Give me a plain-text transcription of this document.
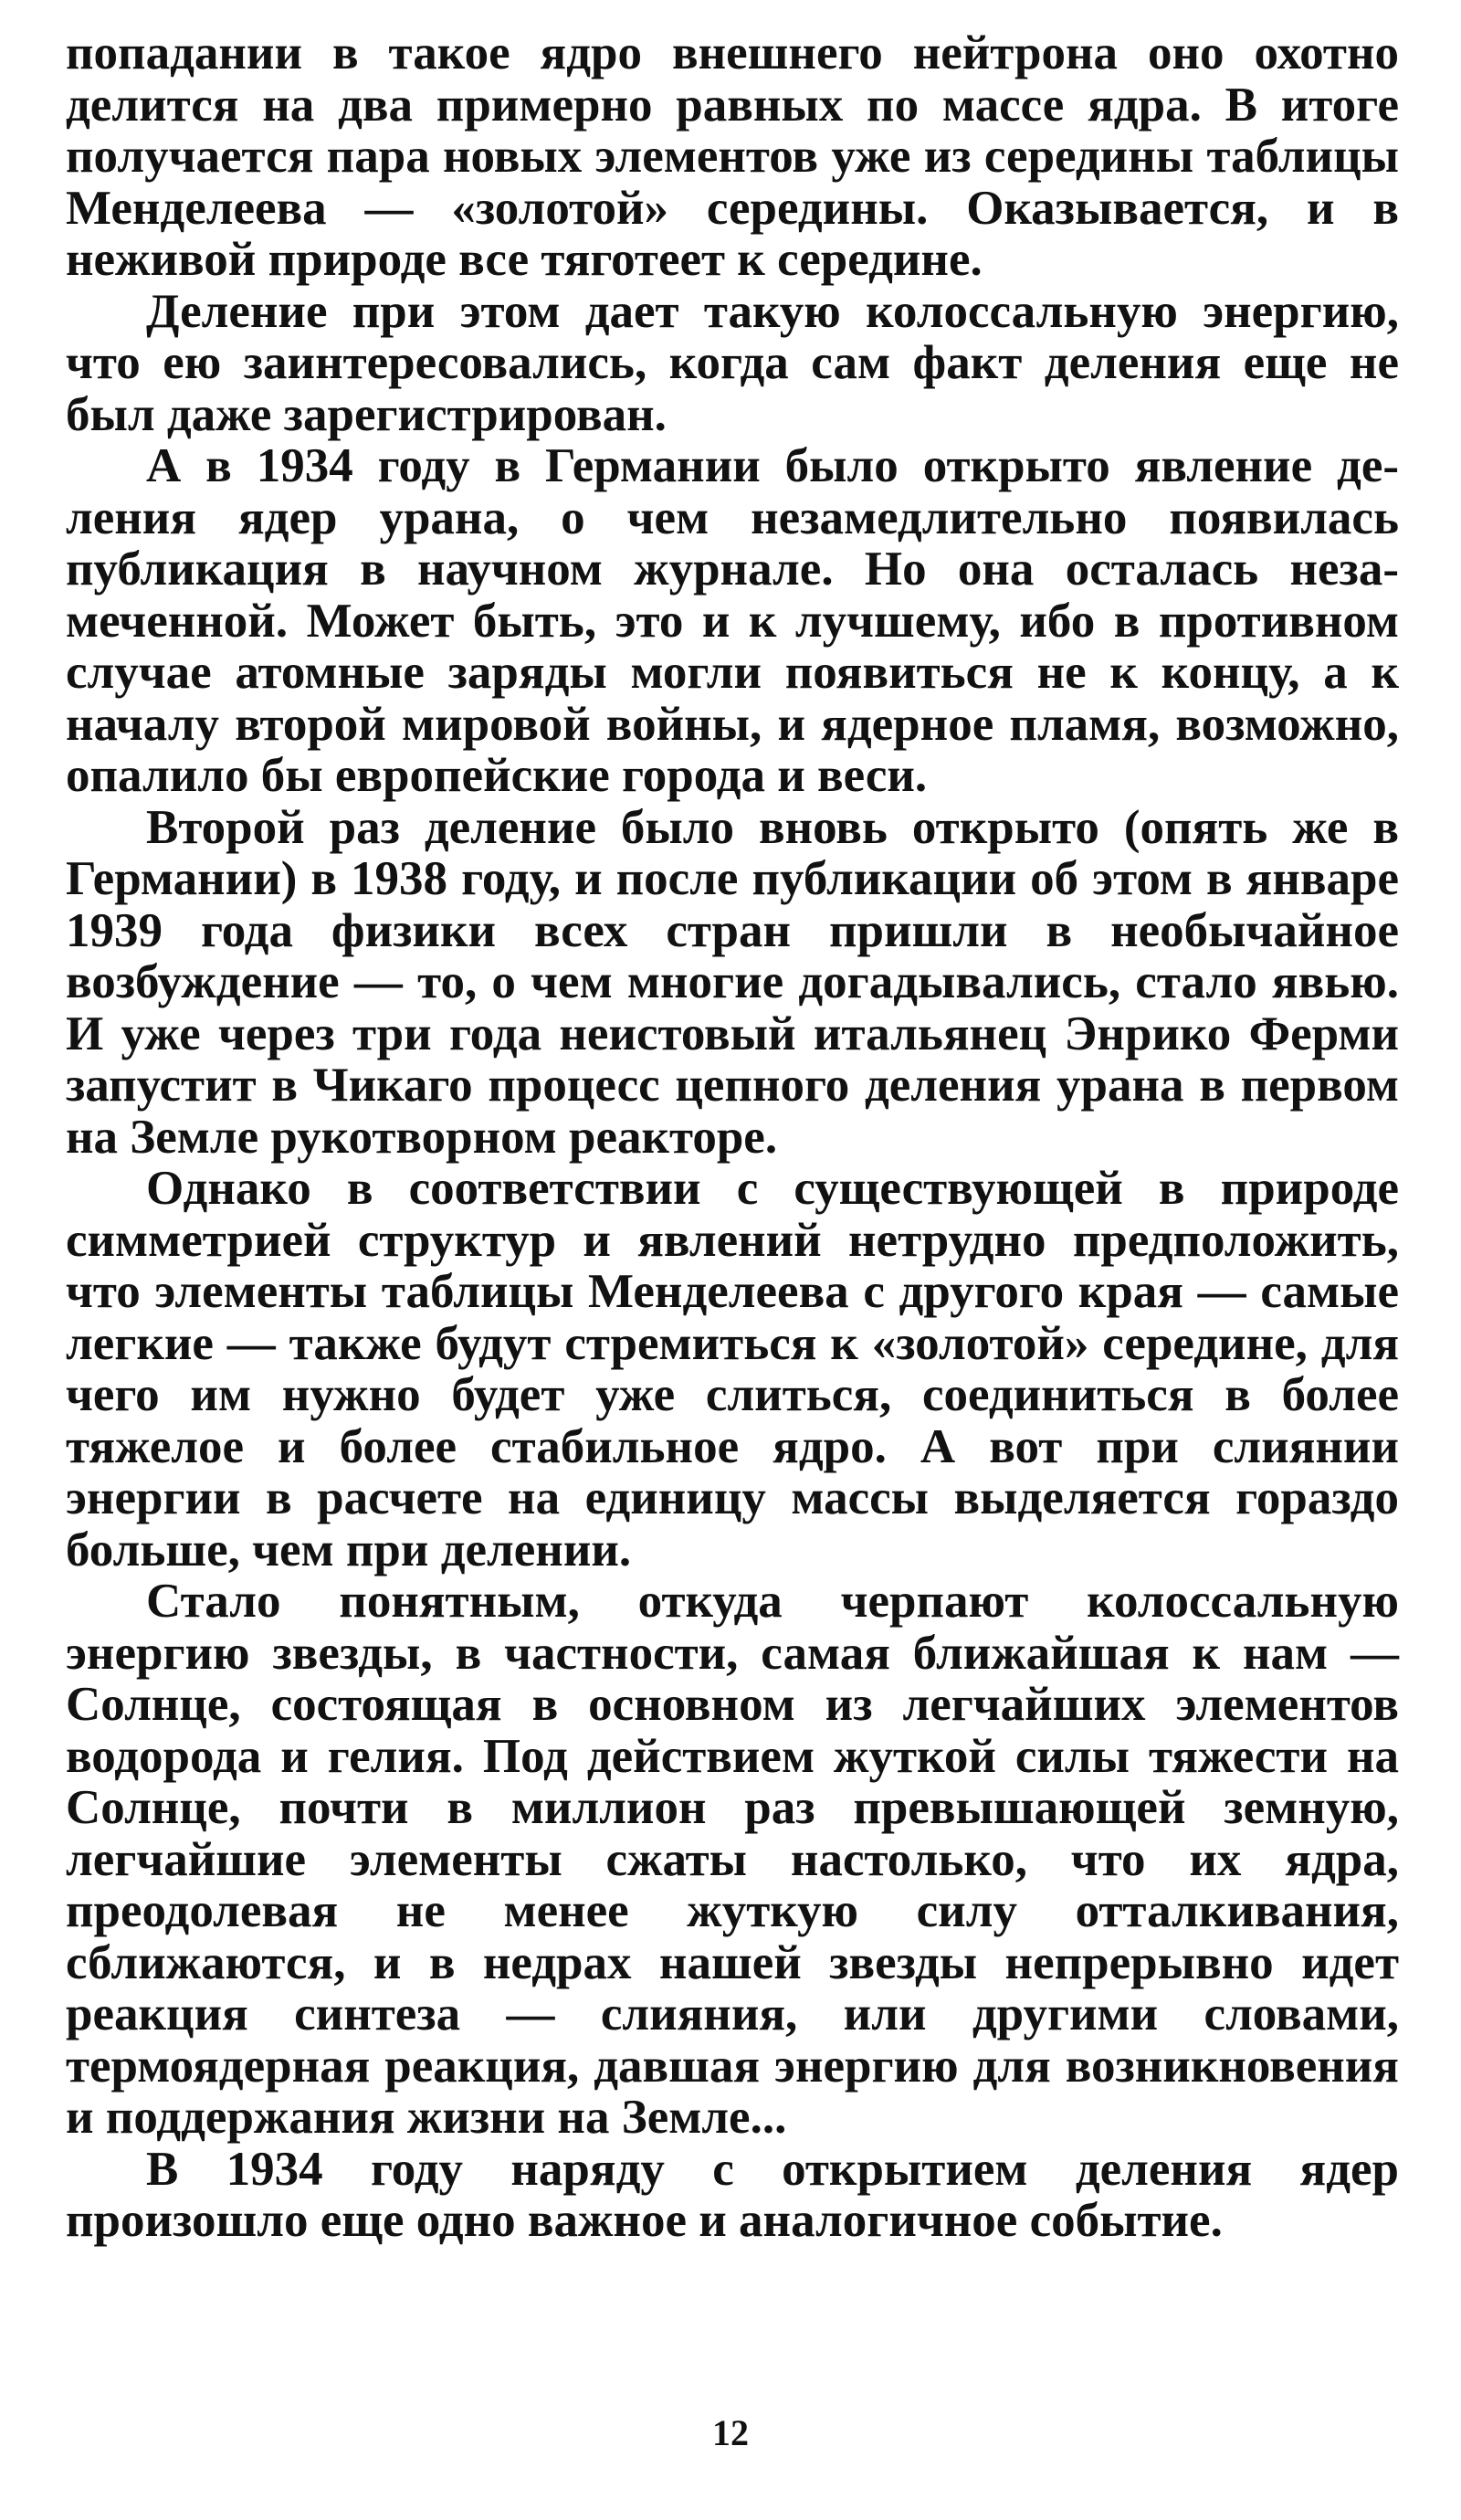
попадании в такое ядро внешнего нейтрона оно охотно делится на два примерно равных по массе ядра. В итоге получается пара новых элементов уже из середины таблицы Менделеева — «золотой» середины. Оказывается, и в неживой природе все тяготеет к середине.

Деление при этом дает такую колоссальную энергию, что ею заинтересовались, когда сам факт деления еще не был даже зарегистрирован.

А в 1934 году в Германии было открыто явление деления ядер урана, о чем незамедлительно появилась публикация в научном журнале. Но она осталась незамеченной. Может быть, это и к лучшему, ибо в противном случае атомные заряды могли появиться не к концу, а к началу второй мировой войны, и ядерное пламя, возможно, опалило бы европейские города и веси.

Второй раз деление было вновь открыто (опять же в Германии) в 1938 году, и после публикации об этом в январе 1939 года физики всех стран пришли в необычайное возбуждение — то, о чем многие догадывались, стало явью. И уже через три года неистовый итальянец Энрико Ферми запустит в Чикаго процесс цепного деления урана в первом на Земле рукотворном реакторе.

Однако в соответствии с существующей в природе симметрией структур и явлений нетрудно предположить, что элементы таблицы Менделеева с другого края — самые легкие — также будут стремиться к «золотой» середине, для чего им нужно будет уже слиться, соединиться в более тяжелое и более стабильное ядро. А вот при слиянии энергии в расчете на единицу массы выделяется гораздо больше, чем при делении.

Стало понятным, откуда черпают колоссальную энергию звезды, в частности, самая ближайшая к нам — Солнце, состоящая в основном из легчайших элементов водорода и гелия. Под действием жуткой силы тяжести на Солнце, почти в миллион раз превышающей земную, легчайшие элементы сжаты настолько, что их ядра, преодолевая не менее жуткую силу отталкивания, сближаются, и в недрах нашей звезды непрерывно идет реакция синтеза — слияния, или другими словами, термоядерная реакция, давшая энергию для возникновения и поддержания жизни на Земле...

В 1934 году наряду с открытием деления ядер произошло еще одно важное и аналогичное событие.

12
